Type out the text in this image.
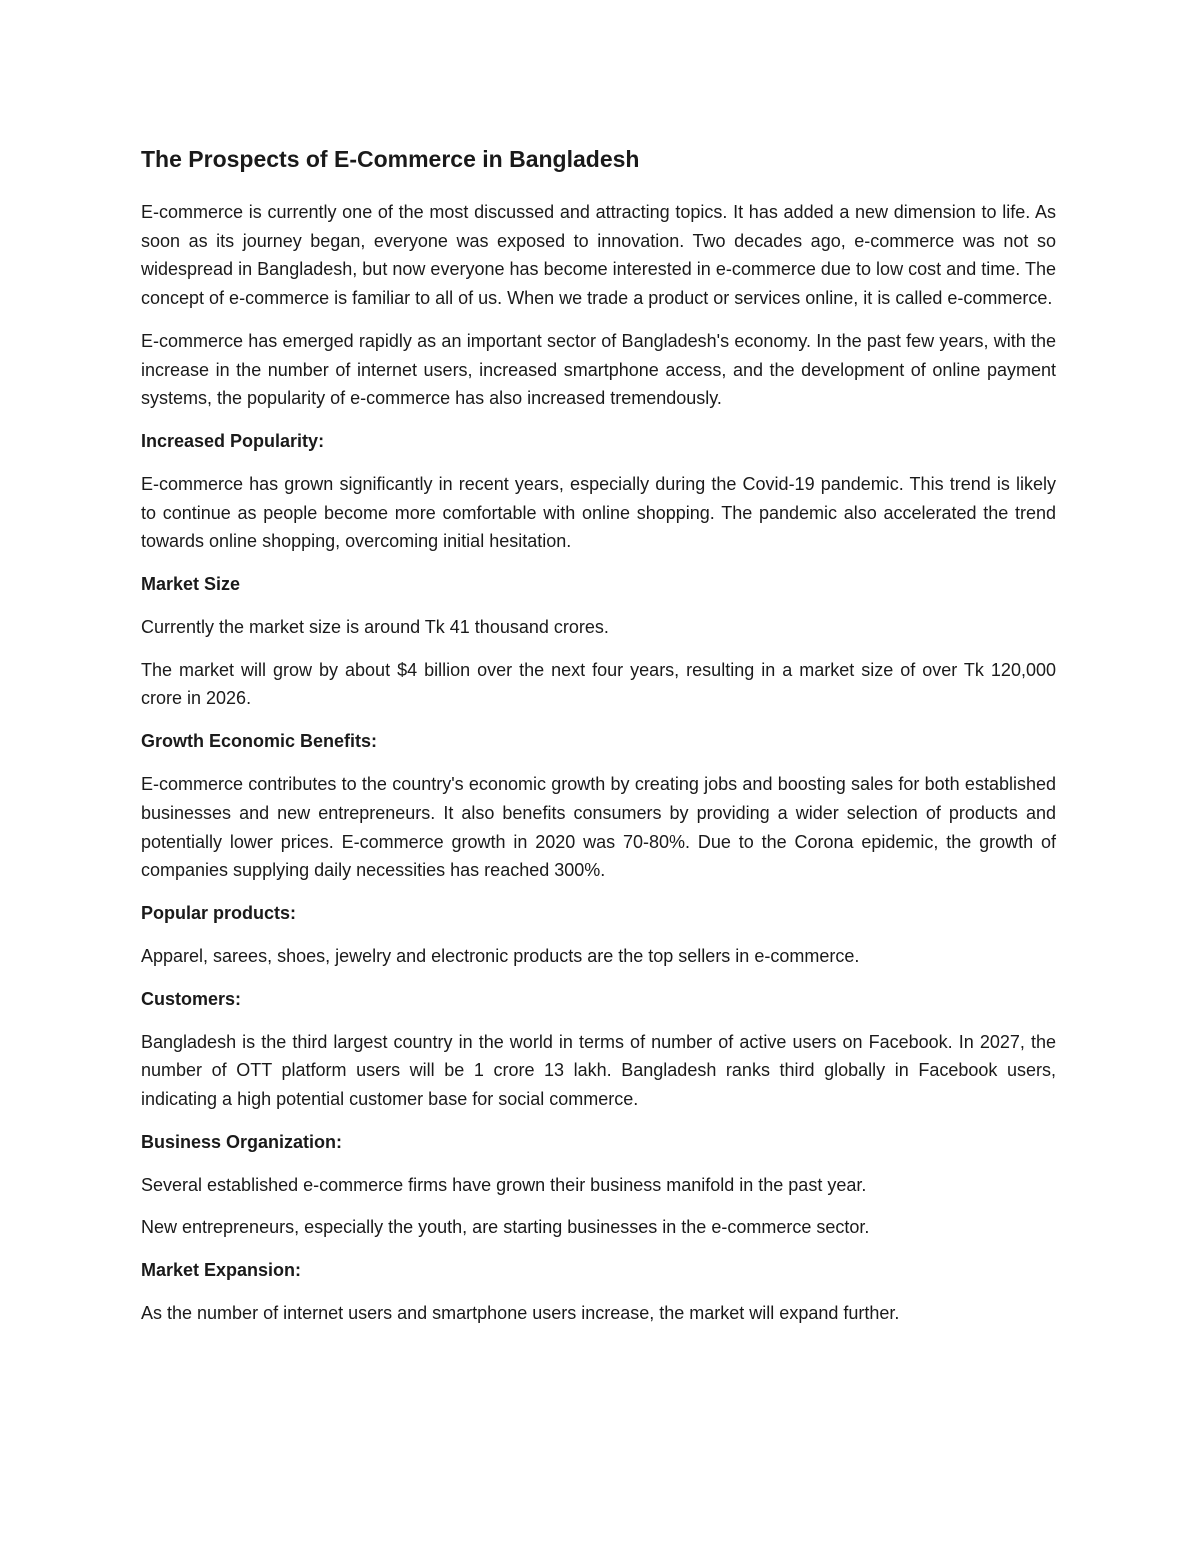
The Prospects of E-Commerce in Bangladesh

E-commerce is currently one of the most discussed and attracting topics. It has added a new dimension to life. As soon as its journey began, everyone was exposed to innovation. Two decades ago, e-commerce was not so widespread in Bangladesh, but now everyone has become interested in e-commerce due to low cost and time. The concept of e-commerce is familiar to all of us. When we trade a product or services online, it is called e-commerce.

E-commerce has emerged rapidly as an important sector of Bangladesh's economy. In the past few years, with the increase in the number of internet users, increased smartphone access, and the development of online payment systems, the popularity of e-commerce has also increased tremendously.

Increased Popularity:

E-commerce has grown significantly in recent years, especially during the Covid-19 pandemic. This trend is likely to continue as people become more comfortable with online shopping. The pandemic also accelerated the trend towards online shopping, overcoming initial hesitation.

Market Size

Currently the market size is around Tk 41 thousand crores.

The market will grow by about $4 billion over the next four years, resulting in a market size of over Tk 120,000 crore in 2026.

Growth Economic Benefits:

E-commerce contributes to the country's economic growth by creating jobs and boosting sales for both established businesses and new entrepreneurs. It also benefits consumers by providing a wider selection of products and potentially lower prices. E-commerce growth in 2020 was 70-80%. Due to the Corona epidemic, the growth of companies supplying daily necessities has reached 300%.

Popular products:

Apparel, sarees, shoes, jewelry and electronic products are the top sellers in e-commerce.

Customers:

Bangladesh is the third largest country in the world in terms of number of active users on Facebook. In 2027, the number of OTT platform users will be 1 crore 13 lakh. Bangladesh ranks third globally in Facebook users, indicating a high potential customer base for social commerce.

Business Organization:

Several established e-commerce firms have grown their business manifold in the past year.

New entrepreneurs, especially the youth, are starting businesses in the e-commerce sector.

Market Expansion:

As the number of internet users and smartphone users increase, the market will expand further.
